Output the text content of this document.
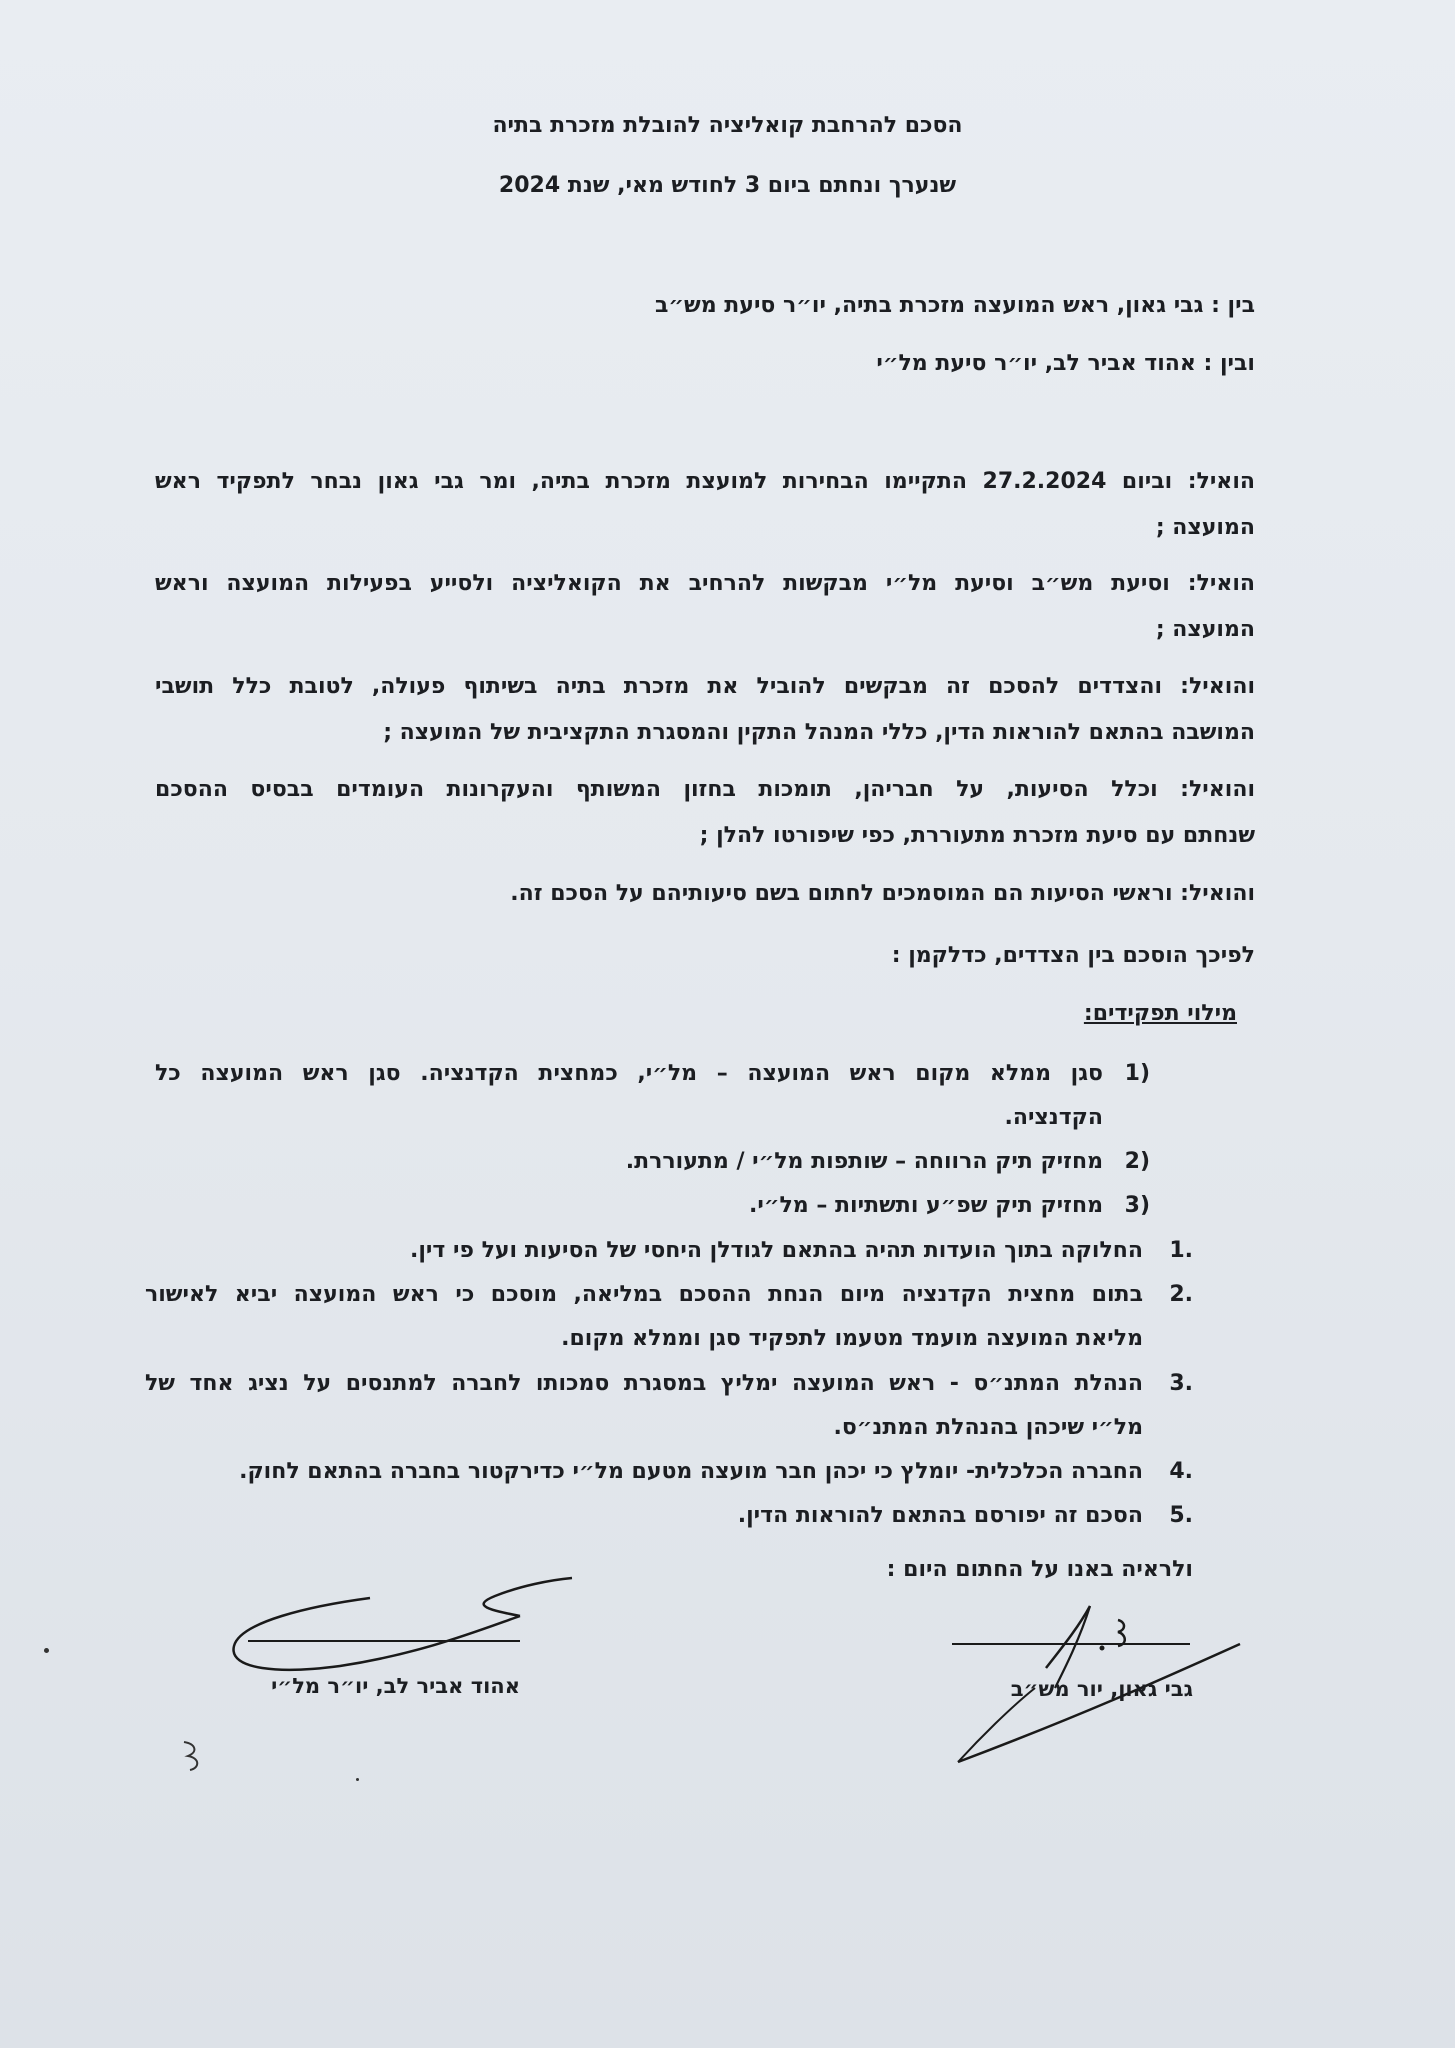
הסכם להרחבת קואליציה להובלת מזכרת בתיה

שנערך ונחתם ביום 3 לחודש מאי, שנת 2024

בין : גבי גאון, ראש המועצה מזכרת בתיה, יו״ר סיעת מש״ב

ובין : אהוד אביר לב, יו״ר סיעת מל״י

הואיל: וביום 27.2.2024 התקיימו הבחירות למועצת מזכרת בתיה, ומר גבי גאון נבחר לתפקיד ראש

המועצה ;

הואיל: וסיעת מש״ב וסיעת מל״י מבקשות להרחיב את הקואליציה ולסייע בפעילות המועצה וראש

המועצה ;

והואיל: והצדדים להסכם זה מבקשים להוביל את מזכרת בתיה בשיתוף פעולה, לטובת כלל תושבי

המושבה בהתאם להוראות הדין, כללי המנהל התקין והמסגרת התקציבית של המועצה ;

והואיל: וכלל הסיעות, על חבריהן, תומכות בחזון המשותף והעקרונות העומדים בבסיס ההסכם

שנחתם עם סיעת מזכרת מתעוררת, כפי שיפורטו להלן ;

והואיל: וראשי הסיעות הם המוסמכים לחתום בשם סיעותיהם על הסכם זה.

לפיכך הוסכם בין הצדדים, כדלקמן :

מילוי תפקידים:

(1

סגן ממלא מקום ראש המועצה – מל״י, כמחצית הקדנציה. סגן ראש המועצה כל

הקדנציה.

(2

מחזיק תיק הרווחה – שותפות מל״י / מתעוררת.

(3

מחזיק תיק שפ״ע ותשתיות – מל״י.

.1

החלוקה בתוך הועדות תהיה בהתאם לגודלן היחסי של הסיעות ועל פי דין.

.2

בתום מחצית הקדנציה מיום הנחת ההסכם במליאה, מוסכם כי ראש המועצה יביא לאישור

מליאת המועצה מועמד מטעמו לתפקיד סגן וממלא מקום.

.3

הנהלת המתנ״ס - ראש המועצה ימליץ במסגרת סמכותו לחברה למתנסים על נציג אחד של

מל״י שיכהן בהנהלת המתנ״ס.

.4

החברה הכלכלית- יומלץ כי יכהן חבר מועצה מטעם מל״י כדירקטור בחברה בהתאם לחוק.

.5

הסכם זה יפורסם בהתאם להוראות הדין.

ולראיה באנו על החתום היום :

גבי גאון, יור מש״ב

אהוד אביר לב, יו״ר מל״י
